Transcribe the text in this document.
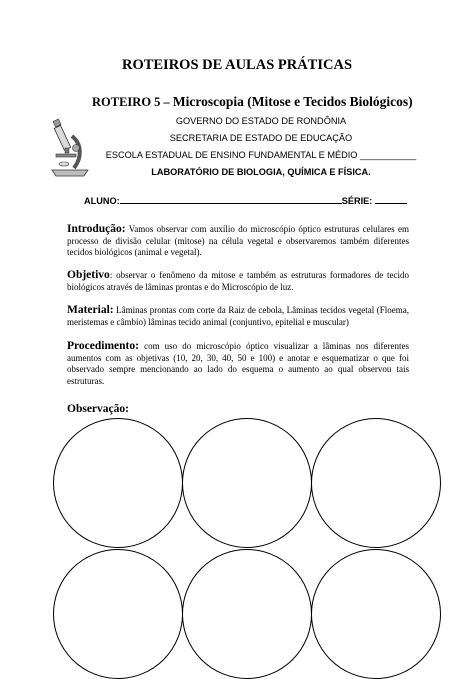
ROTEIROS DE AULAS PRÁTICAS
ROTEIRO 5 – Microscopia (Mitose e Tecidos Biológicos)
GOVERNO DO ESTADO DE RONDÔNIA
SECRETARIA DE ESTADO DE EDUCAÇÃO
ESCOLA ESTADUAL DE ENSINO FUNDAMENTAL E MÉDIO ___________
LABORATÓRIO DE BIOLOGIA, QUÍMICA E FÍSICA.
ALUNO:	SÉRIE:
Introdução: Vamos observar com auxílio do microscópio óptico estruturas celulares em processo de divisão celular (mitose) na célula vegetal e observaremos também diferentes tecidos biológicos (animal e vegetal).
Objetivo: observar o fenômeno da mitose e também as estruturas formadores de tecido biológicos através de lâminas prontas e do Microscópio de luz.
Material: Lâminas prontas com corte da Raiz de cebola, Lâminas tecidos vegetal (Floema, meristemas e câmbio) lâminas tecido animal (conjuntivo, epitelial e muscular)
Procedimento: com uso do microscópio óptico visualizar a lâminas nos diferentes aumentos com as objetivas (10, 20, 30, 40, 50 e 100) e anotar e esquematizar o que foi observado sempre mencionando ao lado do esquema o aumento ao qual observou tais estruturas.
Observação:
